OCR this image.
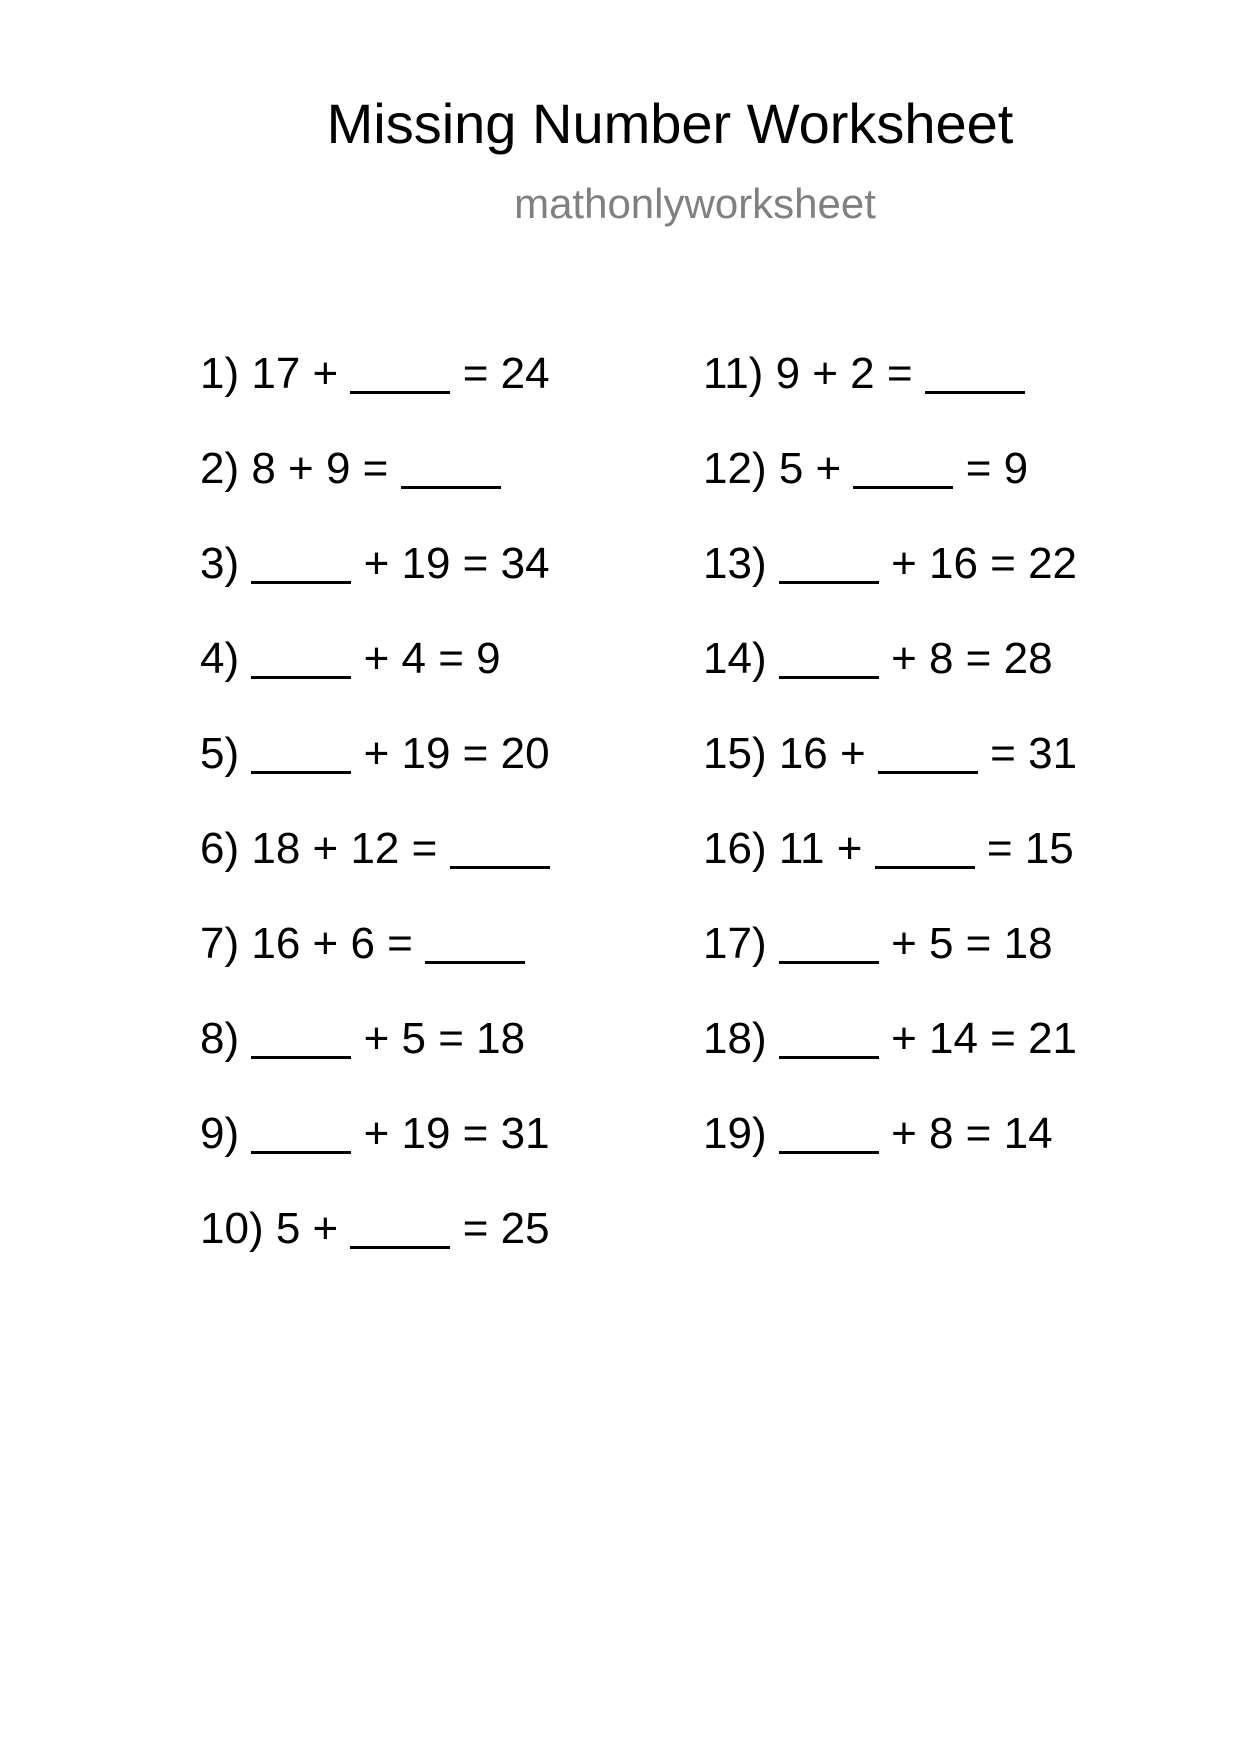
Missing Number Worksheet
mathonlyworksheet
1) 17 +	= 24
2) 8 + 9 =
3)	+ 19 = 34
4)	+ 4 = 9
5)	+ 19 = 20
6) 18 + 12 =
7) 16 + 6 =
8)	+ 5 = 18
9)	+ 19 = 31
10) 5 +	= 25
11) 9 + 2 =
12) 5 +	= 9
13)	+ 16 = 22
14)	+ 8 = 28
15) 16 +	= 31
16) 11 +	= 15
17)	+ 5 = 18
18)	+ 14 = 21
19)	+ 8 = 14
